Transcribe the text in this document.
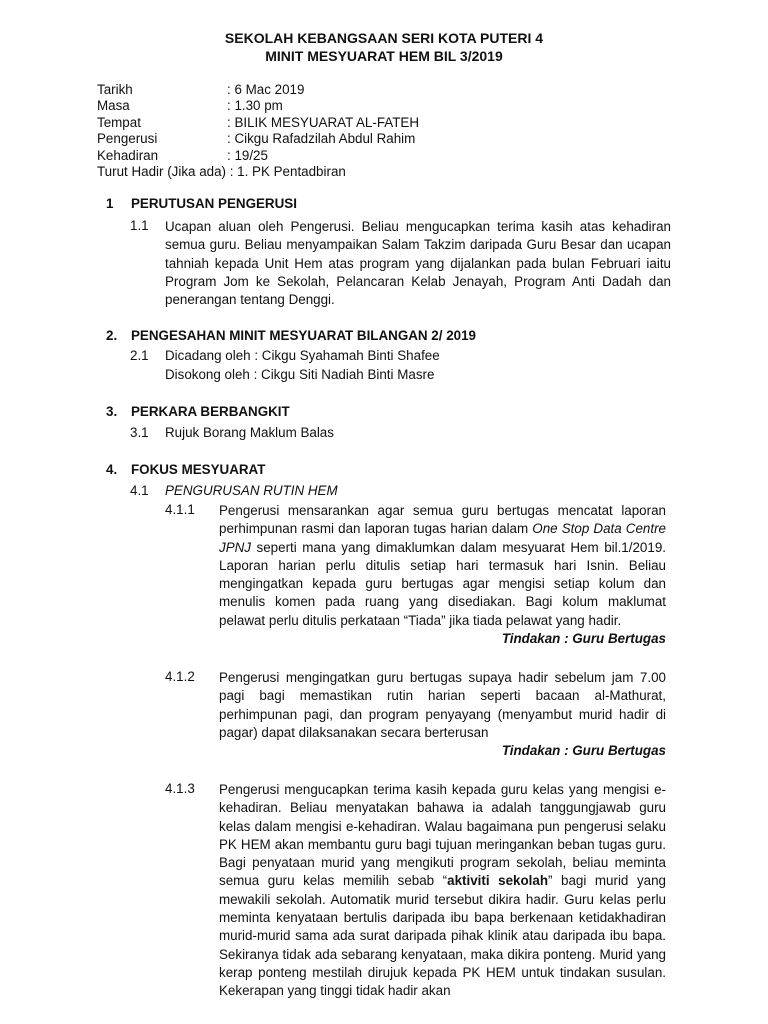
SEKOLAH KEBANGSAAN SERI KOTA PUTERI 4
MINIT MESYUARAT HEM BIL 3/2019
Tarikh	: 6 Mac 2019
Masa	: 1.30 pm
Tempat	: BILIK MESYUARAT AL-FATEH
Pengerusi	: Cikgu Rafadzilah Abdul Rahim
Kehadiran	: 19/25
Turut Hadir (Jika ada) : 1. PK Pentadbiran
1 PERUTUSAN PENGERUSI
1.1 Ucapan aluan oleh Pengerusi. Beliau mengucapkan terima kasih atas kehadiran semua guru. Beliau menyampaikan Salam Takzim daripada Guru Besar dan ucapan tahniah kepada Unit Hem atas program yang dijalankan pada bulan Februari iaitu Program Jom ke Sekolah, Pelancaran Kelab Jenayah, Program Anti Dadah dan penerangan tentang Denggi.
2. PENGESAHAN MINIT MESYUARAT BILANGAN 2/ 2019
2.1 Dicadang oleh : Cikgu Syahamah Binti Shafee
Disokong oleh : Cikgu Siti Nadiah Binti Masre
3. PERKARA BERBANGKIT
3.1 Rujuk Borang Maklum Balas
4. FOKUS MESYUARAT
4.1 PENGURUSAN RUTIN HEM
4.1.1 Pengerusi mensarankan agar semua guru bertugas mencatat laporan perhimpunan rasmi dan laporan tugas harian dalam One Stop Data Centre JPNJ seperti mana yang dimaklumkan dalam mesyuarat Hem bil.1/2019. Laporan harian perlu ditulis setiap hari termasuk hari Isnin. Beliau mengingatkan kepada guru bertugas agar mengisi setiap kolum dan menulis komen pada ruang yang disediakan. Bagi kolum maklumat pelawat perlu ditulis perkataan “Tiada” jika tiada pelawat yang hadir.
Tindakan : Guru Bertugas
4.1.2 Pengerusi mengingatkan guru bertugas supaya hadir sebelum jam 7.00 pagi bagi memastikan rutin harian seperti bacaan al-Mathurat, perhimpunan pagi, dan program penyayang (menyambut murid hadir di pagar) dapat dilaksanakan secara berterusan
Tindakan : Guru Bertugas
4.1.3 Pengerusi mengucapkan terima kasih kepada guru kelas yang mengisi e-kehadiran. Beliau menyatakan bahawa ia adalah tanggungjawab guru kelas dalam mengisi e-kehadiran. Walau bagaimana pun pengerusi selaku PK HEM akan membantu guru bagi tujuan meringankan beban tugas guru. Bagi penyataan murid yang mengikuti program sekolah, beliau meminta semua guru kelas memilih sebab “aktiviti sekolah” bagi murid yang mewakili sekolah. Automatik murid tersebut dikira hadir. Guru kelas perlu meminta kenyataan bertulis daripada ibu bapa berkenaan ketidakhadiran murid-murid sama ada surat daripada pihak klinik atau daripada ibu bapa. Sekiranya tidak ada sebarang kenyataan, maka dikira ponteng. Murid yang kerap ponteng mestilah dirujuk kepada PK HEM untuk tindakan susulan. Kekerapan yang tinggi tidak hadir akan
